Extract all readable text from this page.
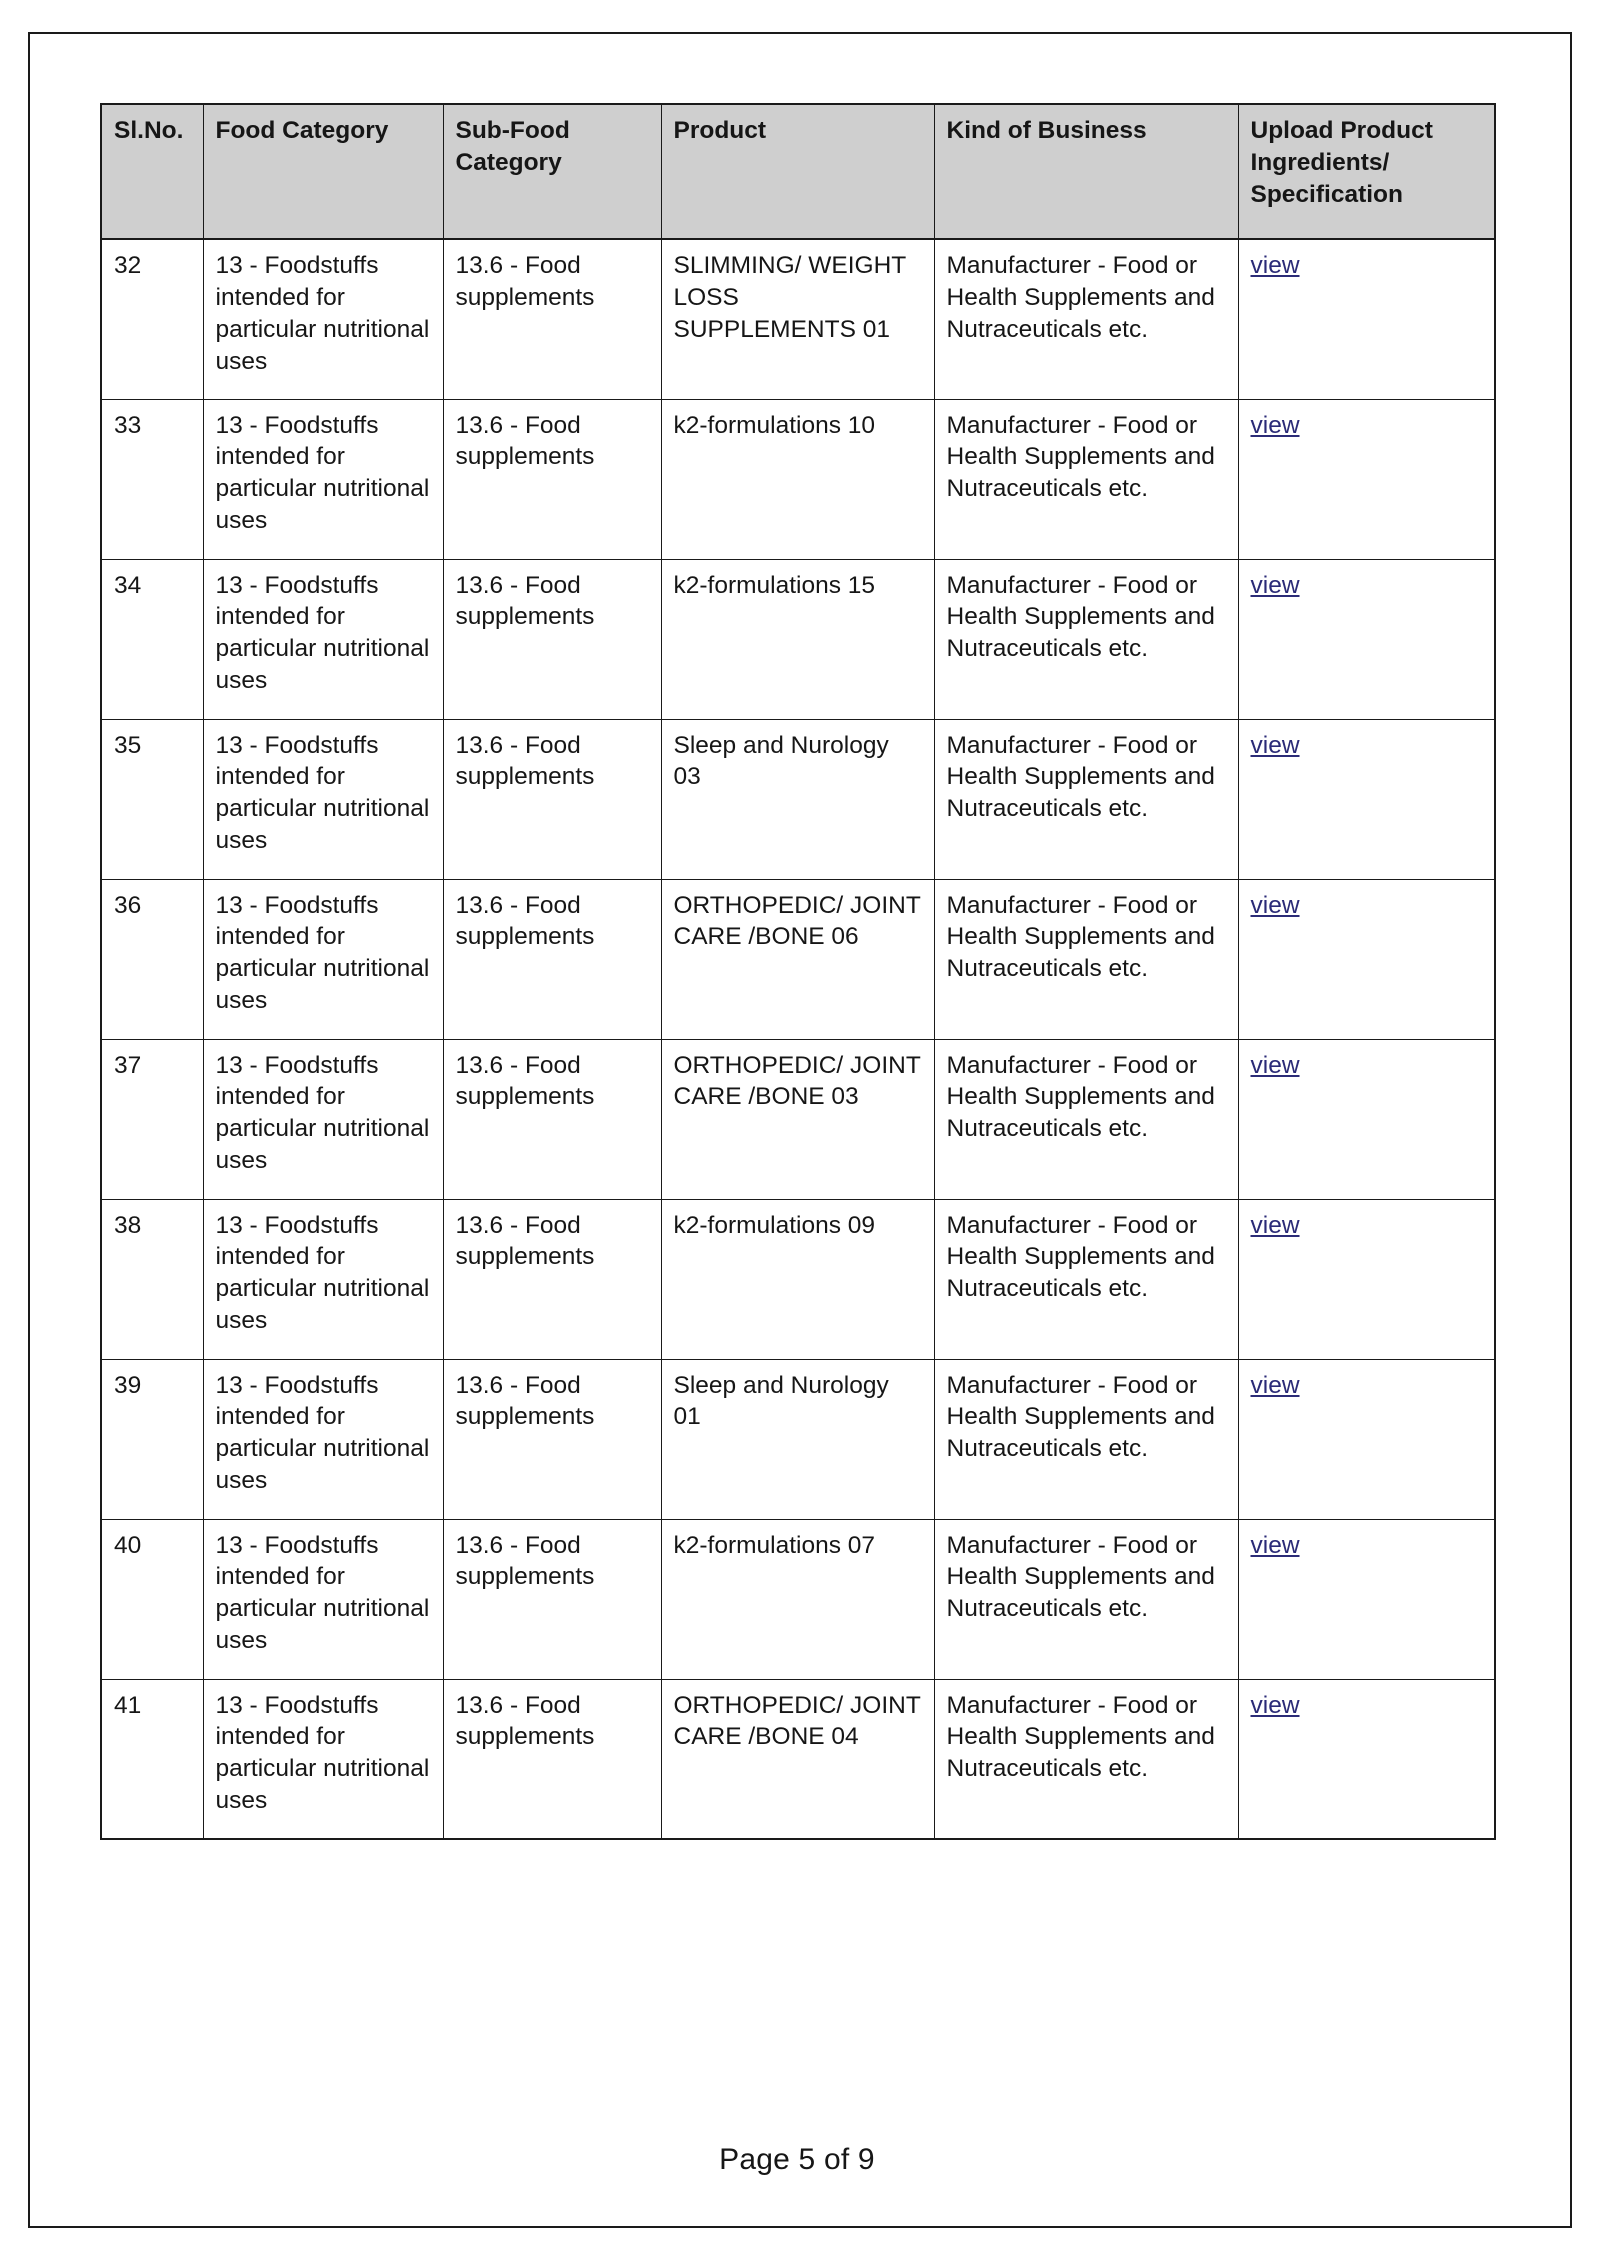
Sl.No.	Food Category	Sub-Food Category	Product	Kind of Business	Upload Product Ingredients/ Specification
32	13 - Foodstuffs intended for particular nutritional uses	13.6 - Food supplements	SLIMMING/ WEIGHT LOSS SUPPLEMENTS 01	Manufacturer - Food or Health Supplements and Nutraceuticals etc.	view
33	13 - Foodstuffs intended for particular nutritional uses	13.6 - Food supplements	k2-formulations 10	Manufacturer - Food or Health Supplements and Nutraceuticals etc.	view
34	13 - Foodstuffs intended for particular nutritional uses	13.6 - Food supplements	k2-formulations 15	Manufacturer - Food or Health Supplements and Nutraceuticals etc.	view
35	13 - Foodstuffs intended for particular nutritional uses	13.6 - Food supplements	Sleep and Nurology 03	Manufacturer - Food or Health Supplements and Nutraceuticals etc.	view
36	13 - Foodstuffs intended for particular nutritional uses	13.6 - Food supplements	ORTHOPEDIC/ JOINT CARE /BONE 06	Manufacturer - Food or Health Supplements and Nutraceuticals etc.	view
37	13 - Foodstuffs intended for particular nutritional uses	13.6 - Food supplements	ORTHOPEDIC/ JOINT CARE /BONE 03	Manufacturer - Food or Health Supplements and Nutraceuticals etc.	view
38	13 - Foodstuffs intended for particular nutritional uses	13.6 - Food supplements	k2-formulations 09	Manufacturer - Food or Health Supplements and Nutraceuticals etc.	view
39	13 - Foodstuffs intended for particular nutritional uses	13.6 - Food supplements	Sleep and Nurology 01	Manufacturer - Food or Health Supplements and Nutraceuticals etc.	view
40	13 - Foodstuffs intended for particular nutritional uses	13.6 - Food supplements	k2-formulations 07	Manufacturer - Food or Health Supplements and Nutraceuticals etc.	view
41	13 - Foodstuffs intended for particular nutritional uses	13.6 - Food supplements	ORTHOPEDIC/ JOINT CARE /BONE 04	Manufacturer - Food or Health Supplements and Nutraceuticals etc.	view
Page 5 of 9
